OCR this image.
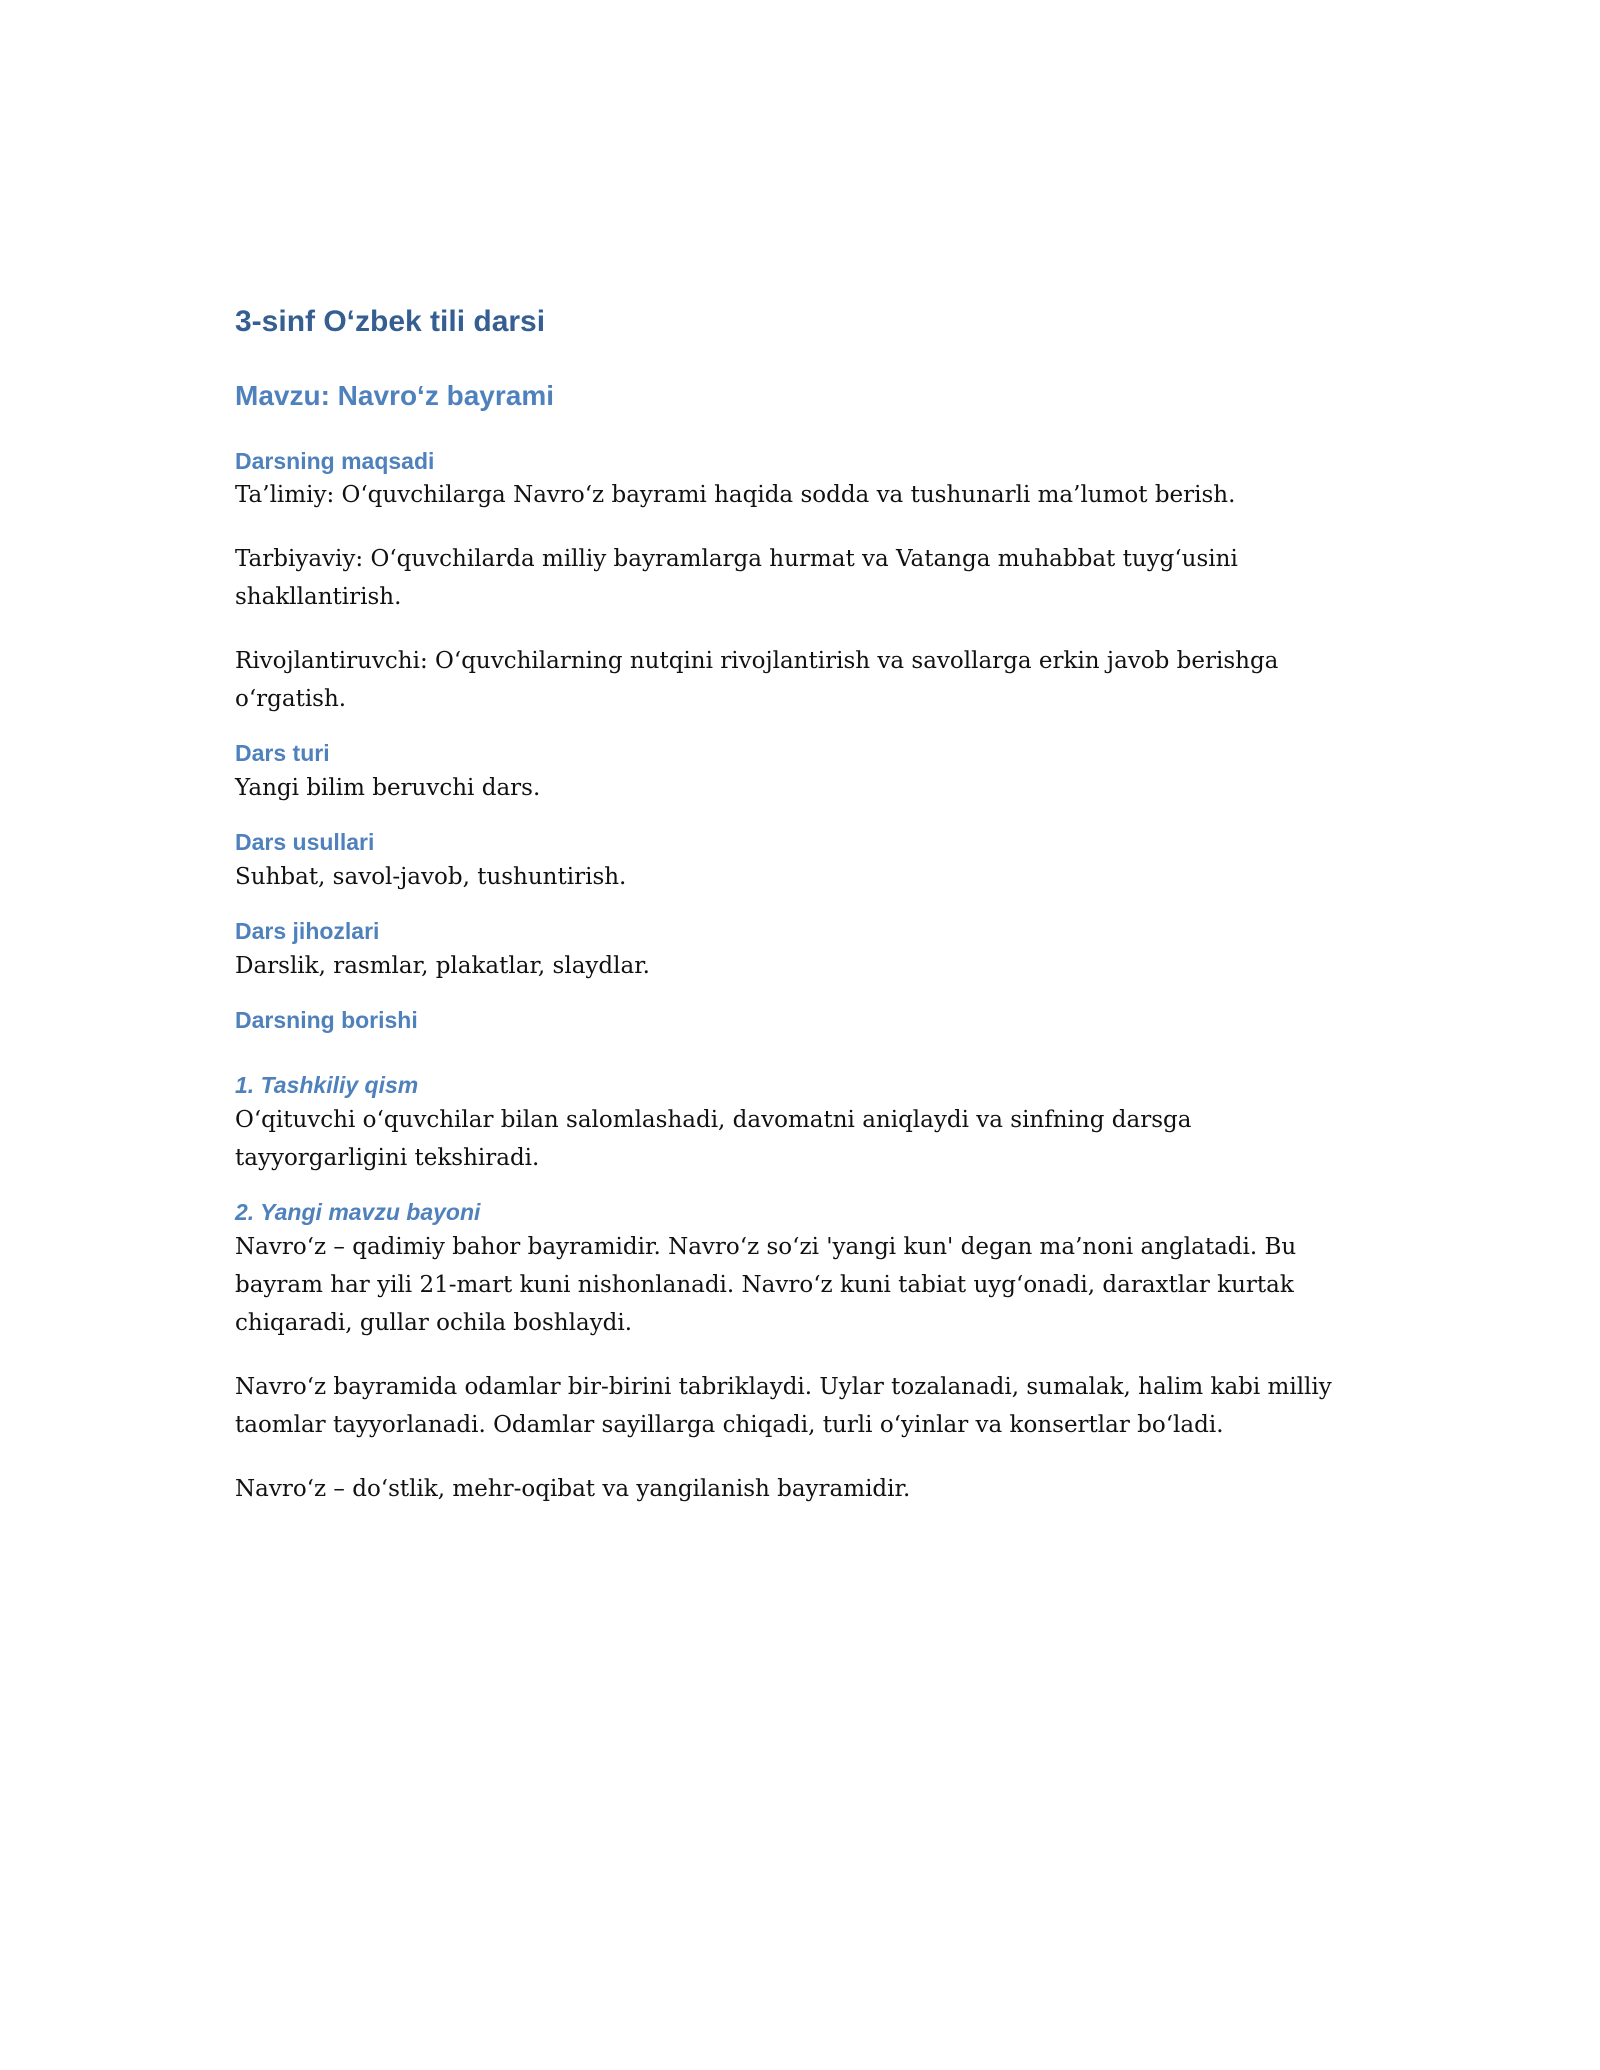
3-sinf O‘zbek tili darsi
Mavzu: Navro‘z bayrami
Darsning maqsadi

Ta’limiy: O‘quvchilarga Navro‘z bayrami haqida sodda va tushunarli ma’lumot berish.

Tarbiyaviy: O‘quvchilarda milliy bayramlarga hurmat va Vatanga muhabbat tuyg‘usini shakllantirish.

Rivojlantiruvchi: O‘quvchilarning nutqini rivojlantirish va savollarga erkin javob berishga o‘rgatish.

Dars turi

Yangi bilim beruvchi dars.

Dars usullari

Suhbat, savol-javob, tushuntirish.

Dars jihozlari

Darslik, rasmlar, plakatlar, slaydlar.

Darsning borishi
1. Tashkiliy qism

O‘qituvchi o‘quvchilar bilan salomlashadi, davomatni aniqlaydi va sinfning darsga tayyorgarligini tekshiradi.

2. Yangi mavzu bayoni

Navro‘z – qadimiy bahor bayramidir. Navro‘z so‘zi 'yangi kun' degan ma’noni anglatadi. Bu bayram har yili 21-mart kuni nishonlanadi. Navro‘z kuni tabiat uyg‘onadi, daraxtlar kurtak chiqaradi, gullar ochila boshlaydi.

Navro‘z bayramida odamlar bir-birini tabriklaydi. Uylar tozalanadi, sumalak, halim kabi milliy taomlar tayyorlanadi. Odamlar sayillarga chiqadi, turli o‘yinlar va konsertlar bo‘ladi.

Navro‘z – do‘stlik, mehr-oqibat va yangilanish bayramidir.
